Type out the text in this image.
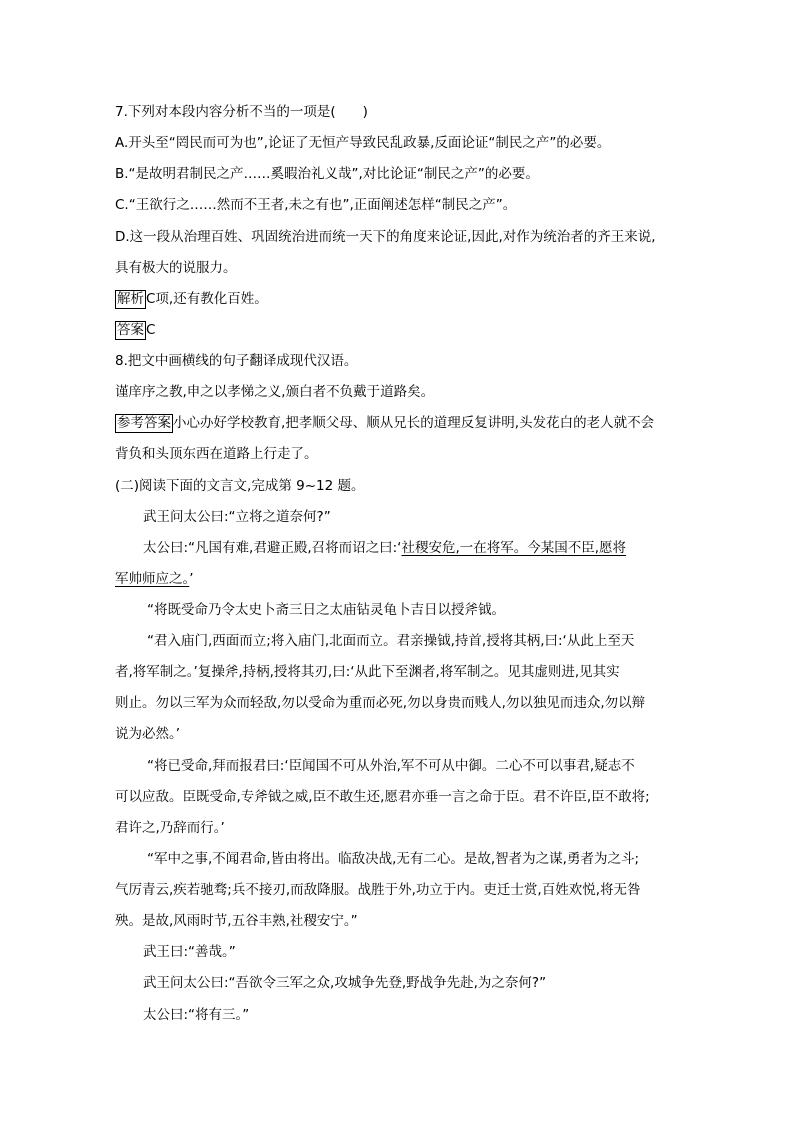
7.下列对本段内容分析不当的一项是(　　)
A.开头至“罔民而可为也”,论证了无恒产导致民乱政暴,反面论证“制民之产”的必要。
B.“是故明君制民之产……奚暇治礼义哉”,对比论证“制民之产”的必要。
C.“王欲行之……然而不王者,未之有也”,正面阐述怎样“制民之产”。
D.这一段从治理百姓、巩固统治进而统一天下的角度来论证,因此,对作为统治者的齐王来说,
具有极大的说服力。
解析 C项,还有教化百姓。
答案 C
8.把文中画横线的句子翻译成现代汉语。
谨庠序之教,申之以孝悌之义,颁白者不负戴于道路矣。
参考答案 小心办好学校教育,把孝顺父母、顺从兄长的道理反复讲明,头发花白的老人就不会
背负和头顶东西在道路上行走了。
(二)阅读下面的文言文,完成第 9~12 题。
武王问太公曰:“立将之道奈何?”
太公曰:“凡国有难,君避正殿,召将而诏之曰:‘社稷安危,一在将军。今某国不臣,愿将
军帅师应之。’
“将既受命乃令太史卜斋三日之太庙钻灵龟卜吉日以授斧钺。
“君入庙门,西面而立;将入庙门,北面而立。君亲操钺,持首,授将其柄,曰:‘从此上至天
者,将军制之。’复操斧,持柄,授将其刃,曰:‘从此下至渊者,将军制之。见其虚则进,见其实
则止。勿以三军为众而轻敌,勿以受命为重而必死,勿以身贵而贱人,勿以独见而违众,勿以辩
说为必然。’
“将已受命,拜而报君曰:‘臣闻国不可从外治,军不可从中御。二心不可以事君,疑志不
可以应敌。臣既受命,专斧钺之威,臣不敢生还,愿君亦垂一言之命于臣。君不许臣,臣不敢将;
君许之,乃辞而行。’
“军中之事,不闻君命,皆由将出。临敌决战,无有二心。是故,智者为之谋,勇者为之斗;
气厉青云,疾若驰骛;兵不接刃,而敌降服。战胜于外,功立于内。吏迁士赏,百姓欢悦,将无咎
殃。是故,风雨时节,五谷丰熟,社稷安宁。”
武王曰:“善哉。”
武王问太公曰:“吾欲令三军之众,攻城争先登,野战争先赴,为之奈何?”
太公曰:“将有三。”
